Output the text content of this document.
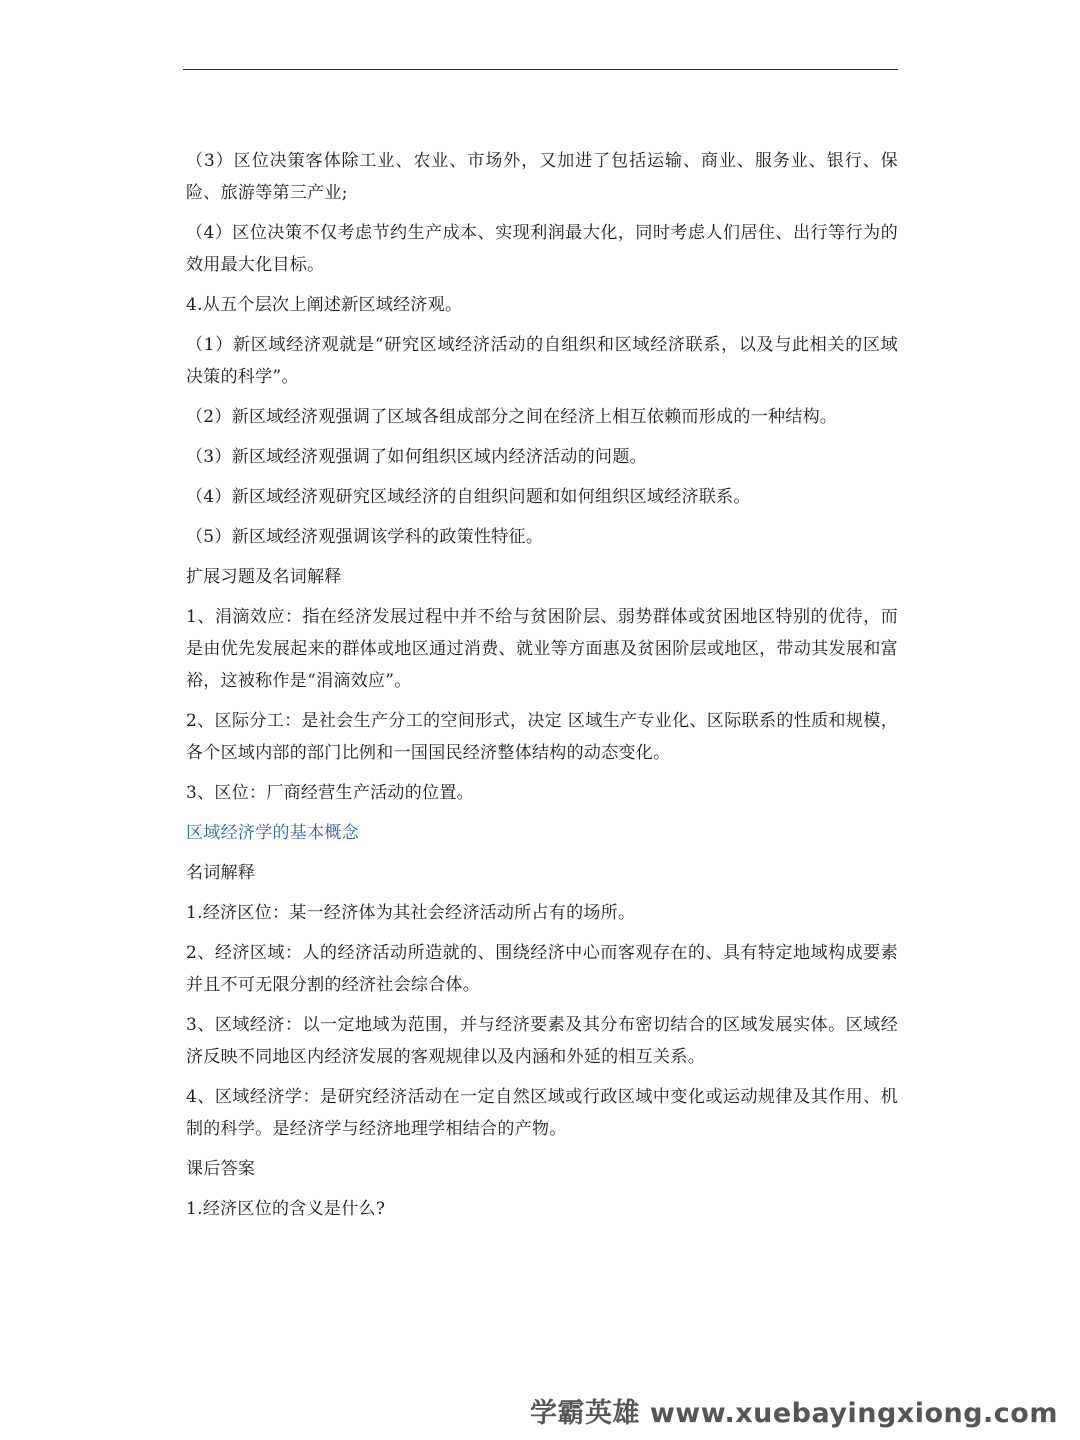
（3）区位决策客体除工业、农业、市场外，又加进了包括运输、商业、服务业、银行、保险、旅游等第三产业;

（4）区位决策不仅考虑节约生产成本、实现利润最大化，同时考虑人们居住、出行等行为的效用最大化目标。

4.从五个层次上阐述新区域经济观。

（1）新区域经济观就是“研究区域经济活动的自组织和区域经济联系，以及与此相关的区域决策的科学”。

（2）新区域经济观强调了区域各组成部分之间在经济上相互依赖而形成的一种结构。

（3）新区域经济观强调了如何组织区域内经济活动的问题。

（4）新区域经济观研究区域经济的自组织问题和如何组织区域经济联系。

（5）新区域经济观强调该学科的政策性特征。

扩展习题及名词解释

1、涓滴效应：指在经济发展过程中并不给与贫困阶层、弱势群体或贫困地区特别的优待，而是由优先发展起来的群体或地区通过消费、就业等方面惠及贫困阶层或地区，带动其发展和富裕，这被称作是“涓滴效应”。

2、区际分工：是社会生产分工的空间形式，决定 区域生产专业化、区际联系的性质和规模，各个区域内部的部门比例和一国国民经济整体结构的动态变化。

3、区位：厂商经营生产活动的位置。

区域经济学的基本概念

名词解释

1.经济区位：某一经济体为其社会经济活动所占有的场所。

2、经济区域：人的经济活动所造就的、围绕经济中心而客观存在的、具有特定地域构成要素并且不可无限分割的经济社会综合体。

3、区域经济：以一定地域为范围，并与经济要素及其分布密切结合的区域发展实体。区域经济反映不同地区内经济发展的客观规律以及内涵和外延的相互关系。

4、区域经济学：是研究经济活动在一定自然区域或行政区域中变化或运动规律及其作用、机制的科学。是经济学与经济地理学相结合的产物。

课后答案

1.经济区位的含义是什么?

学霸英雄 www.xuebayingxiong.com
